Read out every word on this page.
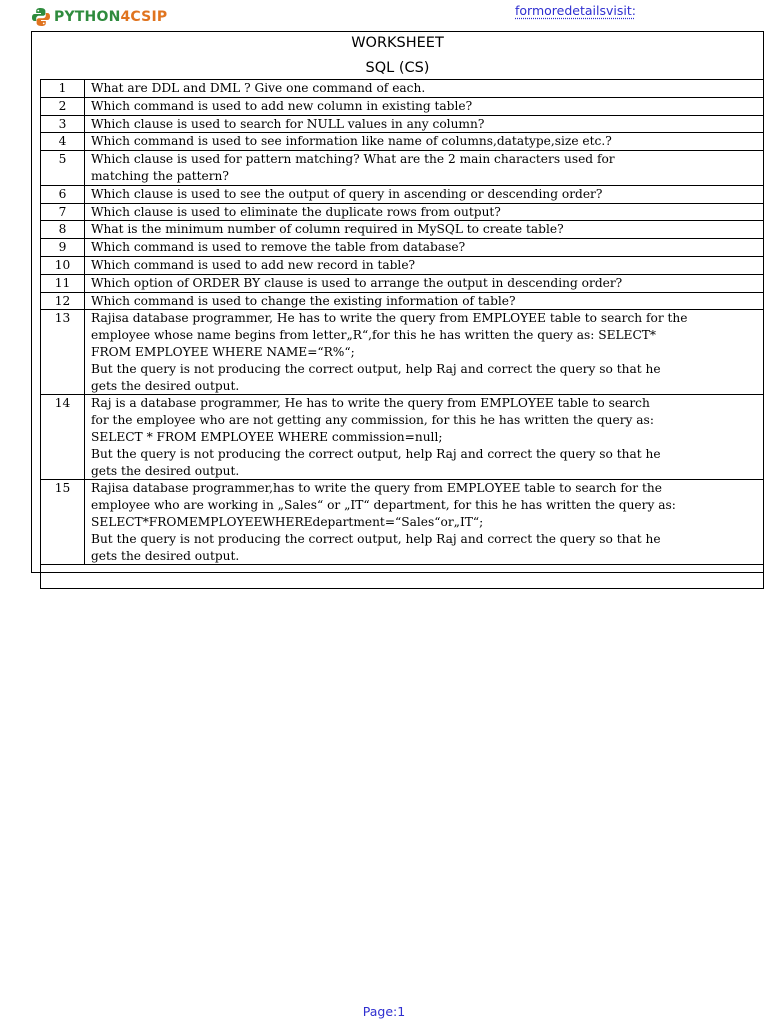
PYTHON4CSIP	formoredetailsvisit:
WORKSHEET
SQL (CS)
1	What are DDL and DML ? Give one command of each.

2	Which command is used to add new column in existing table?

3	Which clause is used to search for NULL values in any column?

4	Which command is used to see information like name of columns,datatype,size etc.?

5	Which clause is used for pattern matching? What are the 2 main characters used for
matching the pattern?

6	Which clause is used to see the output of query in ascending or descending order?

7	Which clause is used to eliminate the duplicate rows from output?

8	What is the minimum number of column required in MySQL to create table?

9	Which command is used to remove the table from database?

10	Which command is used to add new record in table?

11	Which option of ORDER BY clause is used to arrange the output in descending order?

12	Which command is used to change the existing information of table?

13	Rajisa database programmer, He has to write the query from EMPLOYEE table to search for the
employee whose name begins from letter„R“,for this he has written the query as: SELECT*
FROM EMPLOYEE WHERE NAME=“R%“;
But the query is not producing the correct output, help Raj and correct the query so that he
gets the desired output.

14	Raj is a database programmer, He has to write the query from EMPLOYEE table to search
for the employee who are not getting any commission, for this he has written the query as:
SELECT * FROM EMPLOYEE WHERE commission=null;
But the query is not producing the correct output, help Raj and correct the query so that he
gets the desired output.

15	Rajisa database programmer,has to write the query from EMPLOYEE table to search for the
employee who are working in „Sales“ or „IT“ department, for this he has written the query as:
SELECT*FROMEMPLOYEEWHEREdepartment=“Sales“or„IT“;
But the query is not producing the correct output, help Raj and correct the query so that he
gets the desired output.

Page:1
